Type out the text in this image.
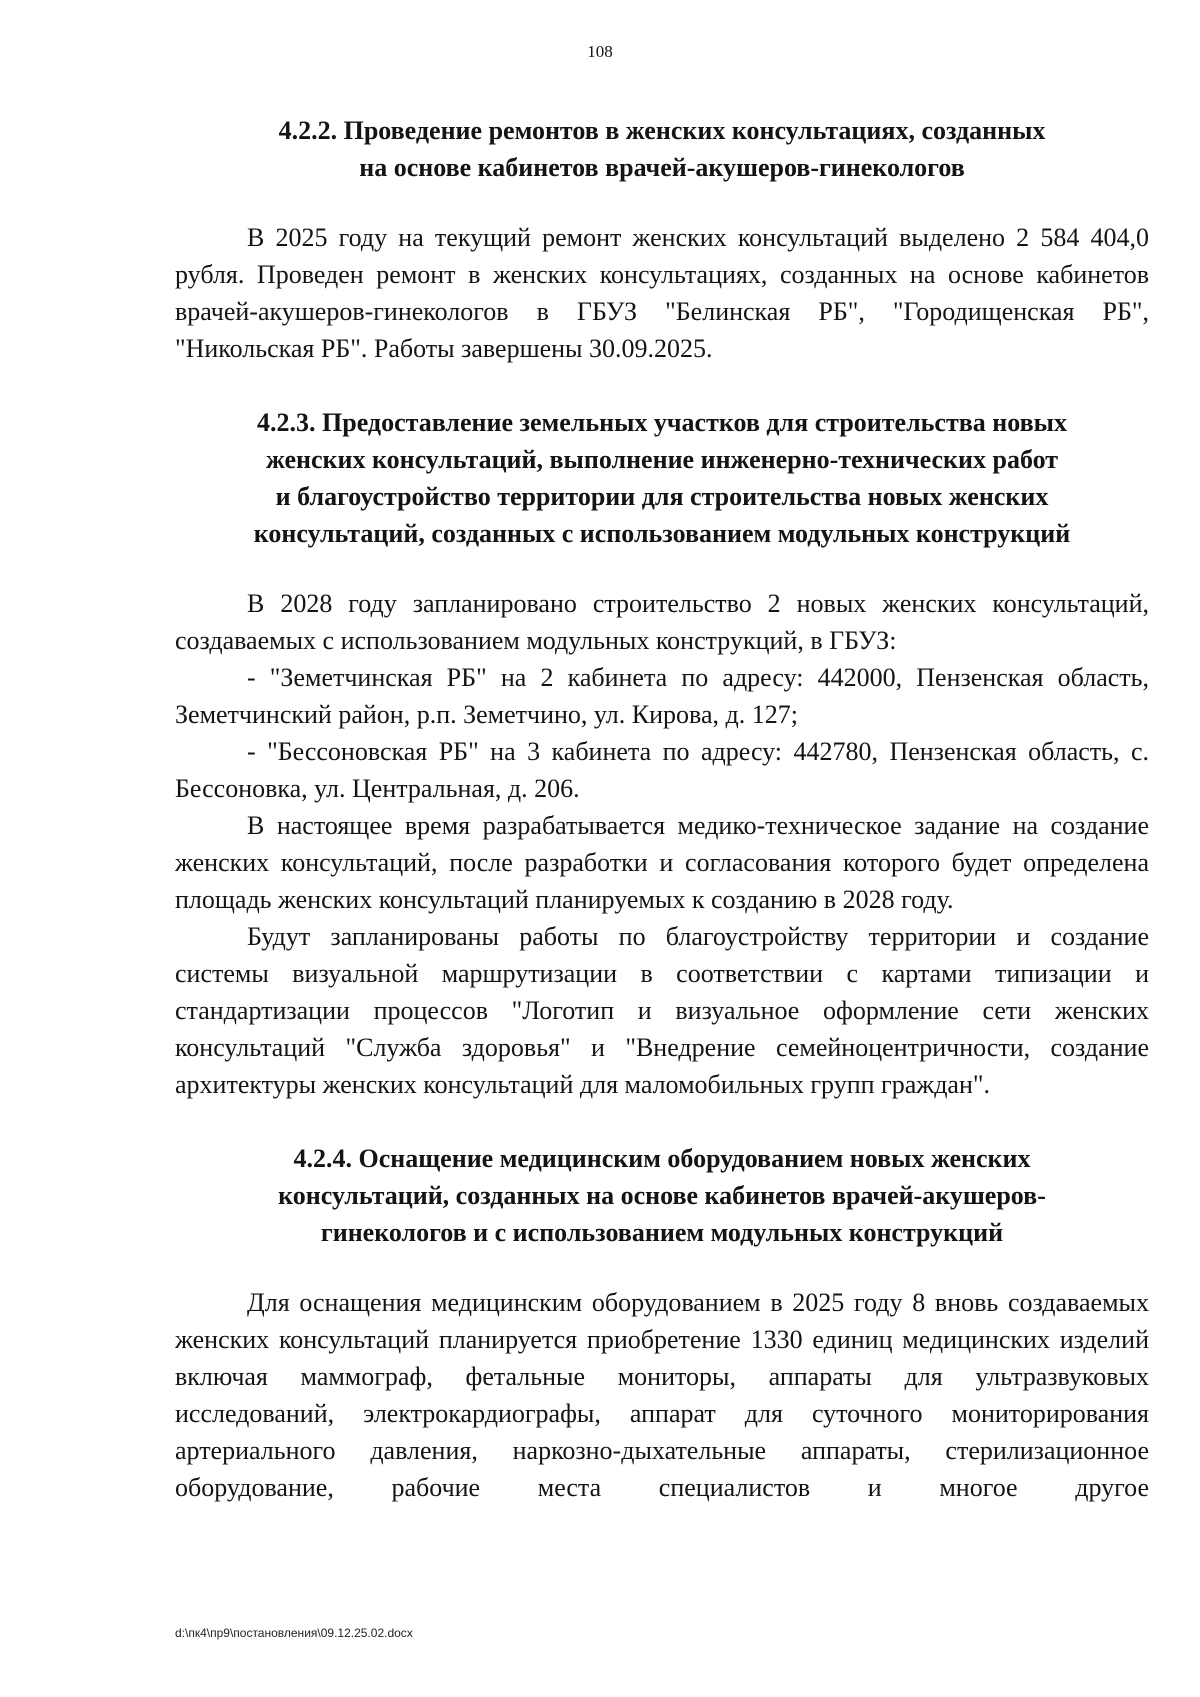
108
4.2.2. Проведение ремонтов в женских консультациях, созданных
на основе кабинетов врачей-акушеров-гинекологов

В 2025 году на текущий ремонт женских консультаций выделено 2 584 404,0 рубля. Проведен ремонт в женских консультациях, созданных на основе кабинетов врачей-акушеров-гинекологов в ГБУЗ "Белинская РБ", "Городищенская РБ", "Никольская РБ". Работы завершены 30.09.2025.

4.2.3. Предоставление земельных участков для строительства новых
женских консультаций, выполнение инженерно-технических работ
и благоустройство территории для строительства новых женских
консультаций, созданных с использованием модульных конструкций

В 2028 году запланировано строительство 2 новых женских консультаций, создаваемых с использованием модульных конструкций, в ГБУЗ:

- "Земетчинская РБ" на 2 кабинета по адресу: 442000, Пензенская область, Земетчинский район, р.п. Земетчино, ул. Кирова, д. 127;

- "Бессоновская РБ" на 3 кабинета по адресу: 442780, Пензенская область, с. Бессоновка, ул. Центральная, д. 206.

В настоящее время разрабатывается медико-техническое задание на создание женских консультаций, после разработки и согласования которого будет определена площадь женских консультаций планируемых к созданию в 2028 году.

Будут запланированы работы по благоустройству территории и создание системы визуальной маршрутизации в соответствии с картами типизации и стандартизации процессов "Логотип и визуальное оформление сети женских консультаций "Служба здоровья" и "Внедрение семейноцентричности, создание архитектуры женских консультаций для маломобильных групп граждан".

4.2.4. Оснащение медицинским оборудованием новых женских
консультаций, созданных на основе кабинетов врачей-акушеров-
гинекологов и с использованием модульных конструкций

Для оснащения медицинским оборудованием в 2025 году 8 вновь создаваемых женских консультаций планируется приобретение 1330 единиц медицинских изделий включая маммограф, фетальные мониторы, аппараты для ультразвуковых исследований, электрокардиографы, аппарат для суточного мониторирования артериального давления, наркозно-дыхательные аппараты, стерилизационное оборудование, рабочие места специалистов и многое другое

d:\пк4\пр9\постановления\09.12.25.02.docx
